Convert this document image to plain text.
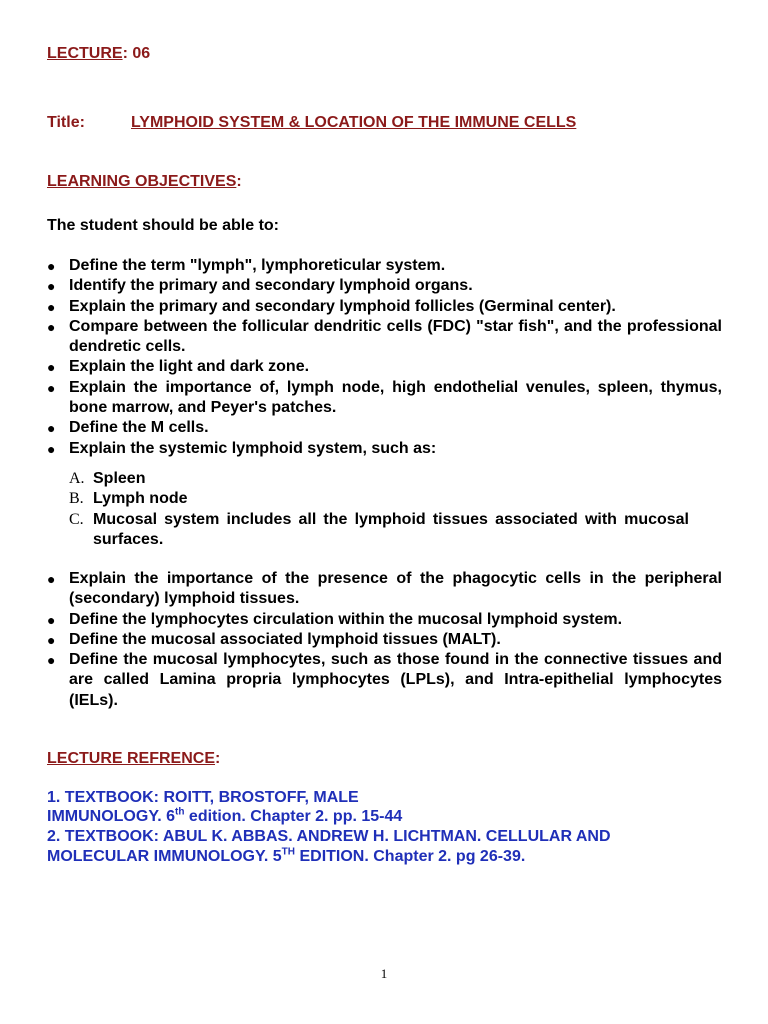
LECTURE: 06
Title:	LYMPHOID SYSTEM & LOCATION OF THE IMMUNE CELLS
LEARNING OBJECTIVES:
The student should be able to:
● Define the term "lymph", lymphoreticular system.
● Identify the primary and secondary lymphoid organs.
● Explain the primary and secondary lymphoid follicles (Germinal center).
● Compare between the follicular dendritic cells (FDC) "star fish", and the professional dendretic cells.
● Explain the light and dark zone.
● Explain the importance of, lymph node, high endothelial venules, spleen, thymus, bone marrow, and Peyer's patches.
● Define the M cells.
● Explain the systemic lymphoid system, such as:
A. Spleen
B. Lymph node
C. Mucosal system includes all the lymphoid tissues associated with mucosal surfaces.
● Explain the importance of the presence of the phagocytic cells in the peripheral (secondary) lymphoid tissues.
● Define the lymphocytes circulation within the mucosal lymphoid system.
● Define the mucosal associated lymphoid tissues (MALT).
● Define the mucosal lymphocytes, such as those found in the connective tissues and are called Lamina propria lymphocytes (LPLs), and Intra-epithelial lymphocytes (IELs).
LECTURE REFRENCE:
1. TEXTBOOK: ROITT, BROSTOFF, MALE
IMMUNOLOGY. 6th edition. Chapter 2. pp. 15-44
2. TEXTBOOK: ABUL K. ABBAS. ANDREW H. LICHTMAN. CELLULAR AND
MOLECULAR IMMUNOLOGY. 5TH EDITION. Chapter 2. pg 26-39.
1
